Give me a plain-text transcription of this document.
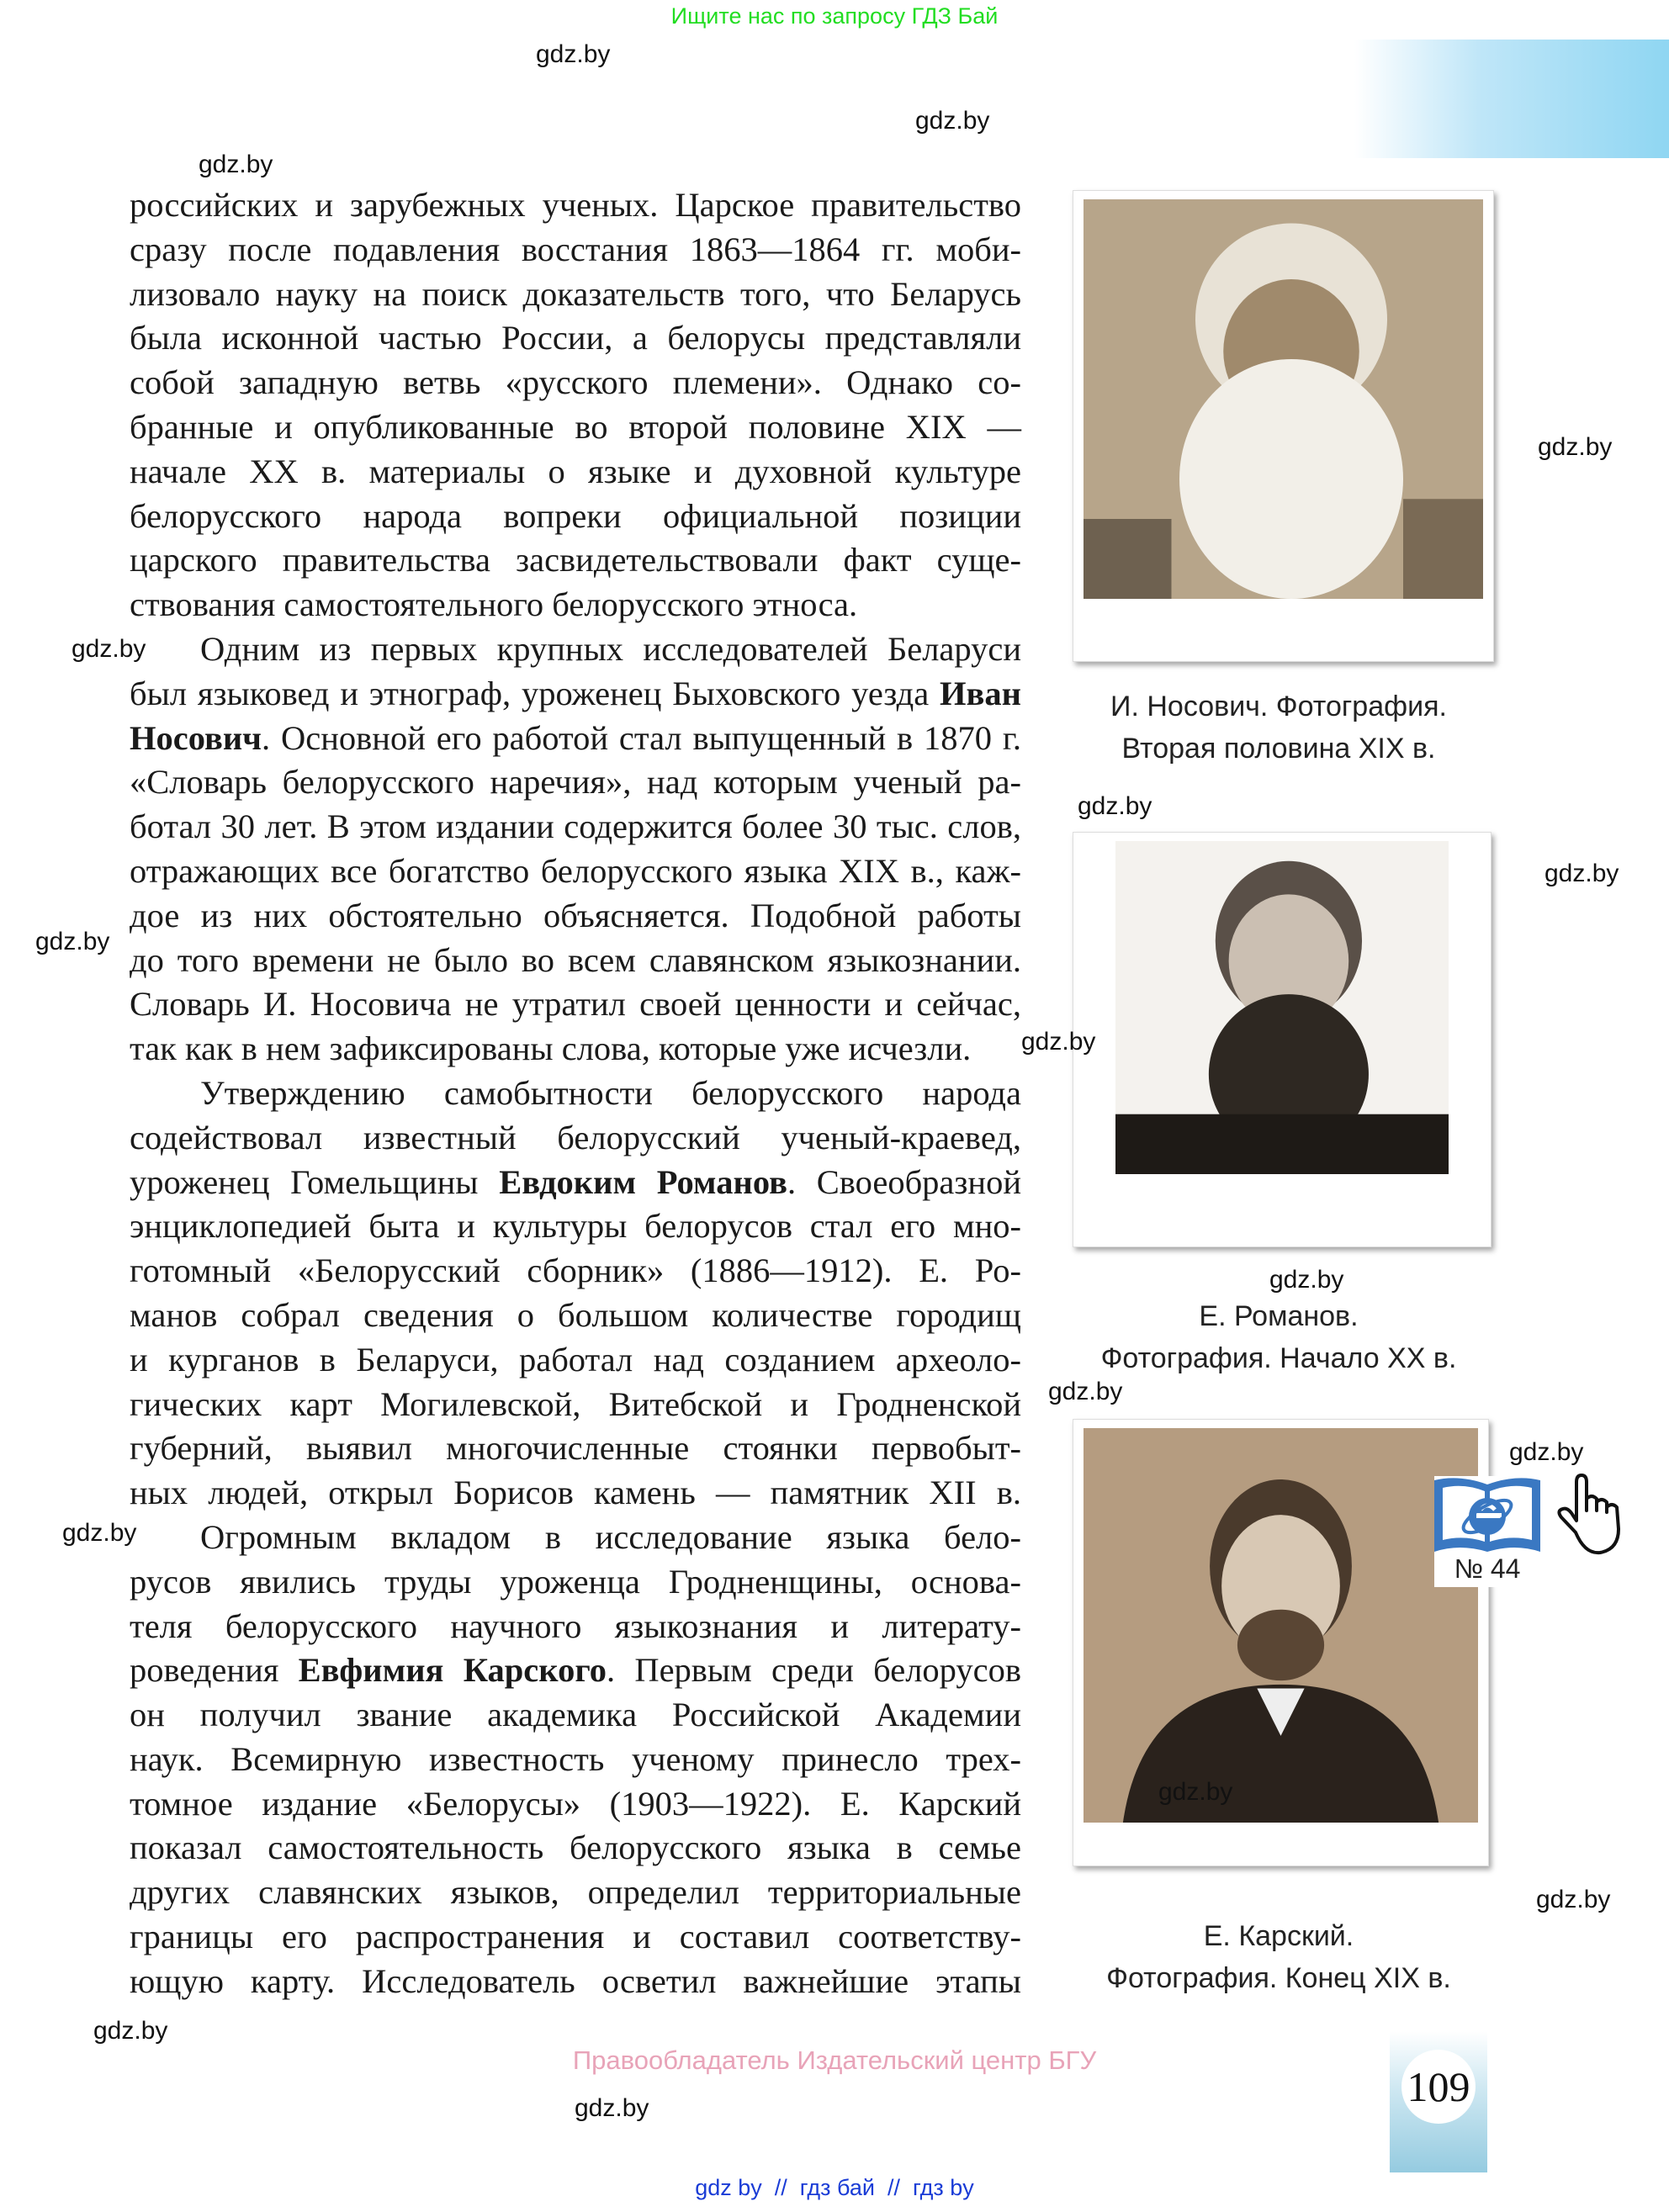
Ищите нас по запросу ГДЗ Бай
российских и зарубежных ученых. Царское правительство
сразу после подавления восстания 1863—1864 гг. моби-
лизовало науку на поиск доказательств того, что Беларусь
была исконной частью России, а белорусы представляли
собой западную ветвь «русского племени». Однако со-
бранные и опубликованные во второй половине XIX —
начале XX в. материалы о языке и духовной культуре
белорусского народа вопреки официальной позиции
царского правительства засвидетельствовали факт суще-
ствования самостоятельного белорусского этноса.
Одним из первых крупных исследователей Беларуси
был языковед и этнограф, уроженец Быховского уезда Иван
Носович. Основной его работой стал выпущенный в 1870 г.
«Словарь белорусского наречия», над которым ученый ра-
ботал 30 лет. В этом издании содержится более 30 тыс. слов,
отражающих все богатство белорусского языка XIX в., каж-
дое из них обстоятельно объясняется. Подобной работы
до того времени не было во всем славянском языкознании.
Словарь И. Носовича не утратил своей ценности и сейчас,
так как в нем зафиксированы слова, которые уже исчезли.
Утверждению самобытности белорусского народа
содействовал известный белорусский ученый-краевед,
уроженец Гомельщины Евдоким Романов. Своеобразной
энциклопедией быта и культуры белорусов стал его мно-
готомный «Белорусский сборник» (1886—1912). Е. Ро-
манов собрал сведения о большом количестве городищ
и курганов в Беларуси, работал над созданием археоло-
гических карт Могилевской, Витебской и Гродненской
губерний, выявил многочисленные стоянки первобыт-
ных людей, открыл Борисов камень — памятник XII в.
Огромным вкладом в исследование языка бело-
русов явились труды уроженца Гродненщины, основа-
теля белорусского научного языкознания и литерату-
роведения Евфимия Карского. Первым среди белорусов
он получил звание академика Российской Академии
наук. Всемирную известность ученому принесло трех-
томное издание «Белорусы» (1903—1922). Е. Карский
показал самостоятельность белорусского языка в семье
других славянских языков, определил территориальные
границы его распространения и составил соответству-
ющую карту. Исследователь осветил важнейшие этапы
И. Носович. Фотография.
Вторая половина XIX в.
Е. Романов.
Фотография. Начало XX в.
Е. Карский.
Фотография. Конец XIX в.
№ 44
Правообладатель Издательский центр БГУ
109
gdz by  //  гдз бай  //  гдз by
gdz.by
gdz.by
gdz.by
gdz.by
gdz.by
gdz.by
gdz.by
gdz.by
gdz.by
gdz.by
gdz.by
gdz.by
gdz.by
gdz.by
gdz.by
gdz.by
gdz.by
